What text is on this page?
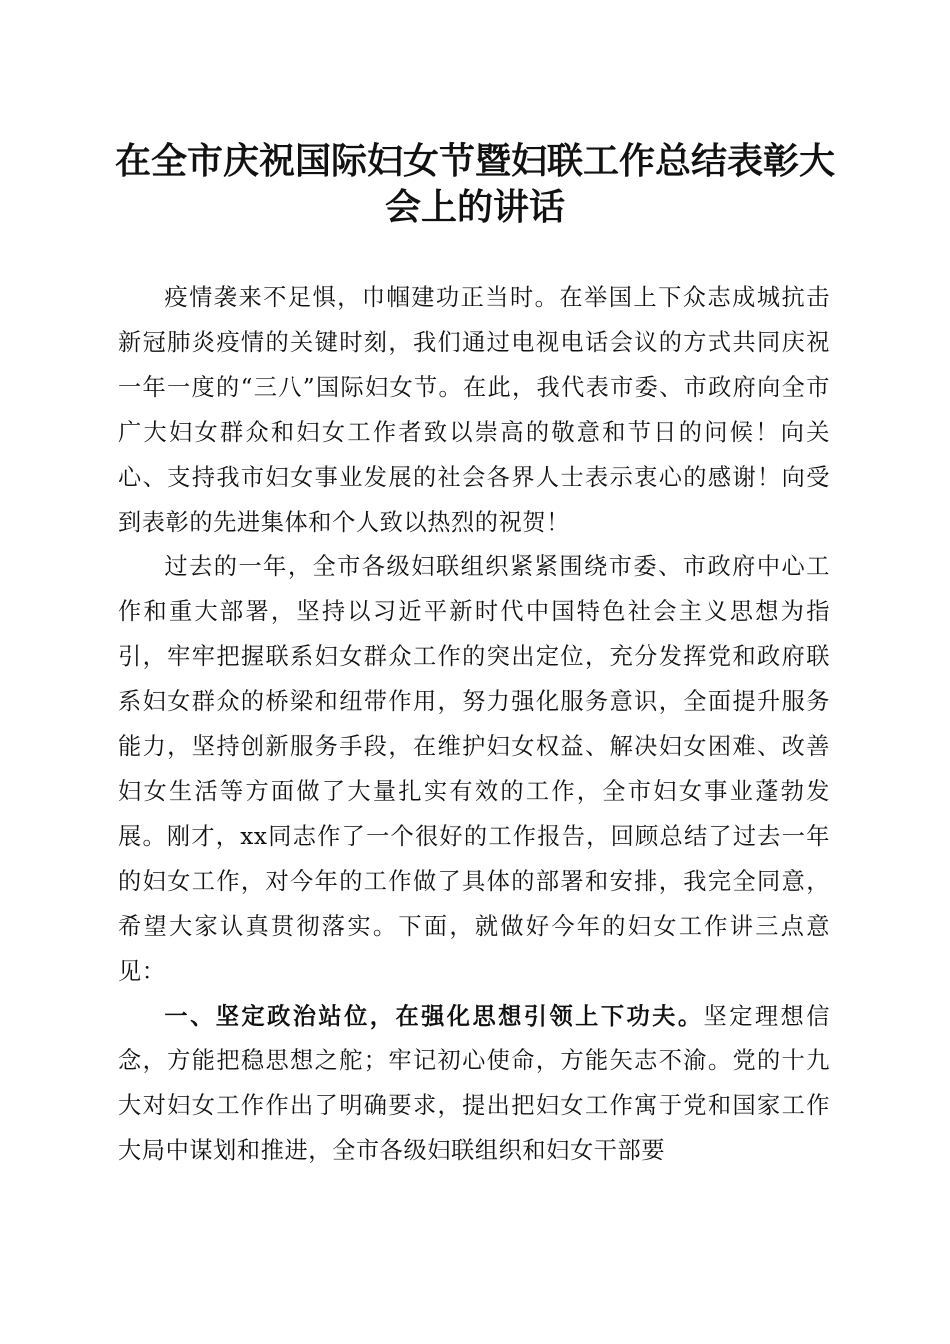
在全市庆祝国际妇女节暨妇联工作总结表彰大会上的讲话

疫情袭来不足惧，巾帼建功正当时。在举国上下众志成城抗击新冠肺炎疫情的关键时刻，我们通过电视电话会议的方式共同庆祝一年一度的“三八”国际妇女节。在此，我代表市委、市政府向全市广大妇女群众和妇女工作者致以崇高的敬意和节日的问候！向关心、支持我市妇女事业发展的社会各界人士表示衷心的感谢！向受到表彰的先进集体和个人致以热烈的祝贺！

过去的一年，全市各级妇联组织紧紧围绕市委、市政府中心工作和重大部署，坚持以习近平新时代中国特色社会主义思想为指引，牢牢把握联系妇女群众工作的突出定位，充分发挥党和政府联系妇女群众的桥梁和纽带作用，努力强化服务意识，全面提升服务能力，坚持创新服务手段，在维护妇女权益、解决妇女困难、改善妇女生活等方面做了大量扎实有效的工作，全市妇女事业蓬勃发展。刚才，xx同志作了一个很好的工作报告，回顾总结了过去一年的妇女工作，对今年的工作做了具体的部署和安排，我完全同意，希望大家认真贯彻落实。下面，就做好今年的妇女工作讲三点意见：

一、坚定政治站位，在强化思想引领上下功夫。坚定理想信念，方能把稳思想之舵；牢记初心使命，方能矢志不渝。党的十九大对妇女工作作出了明确要求，提出把妇女工作寓于党和国家工作大局中谋划和推进，全市各级妇联组织和妇女干部要
